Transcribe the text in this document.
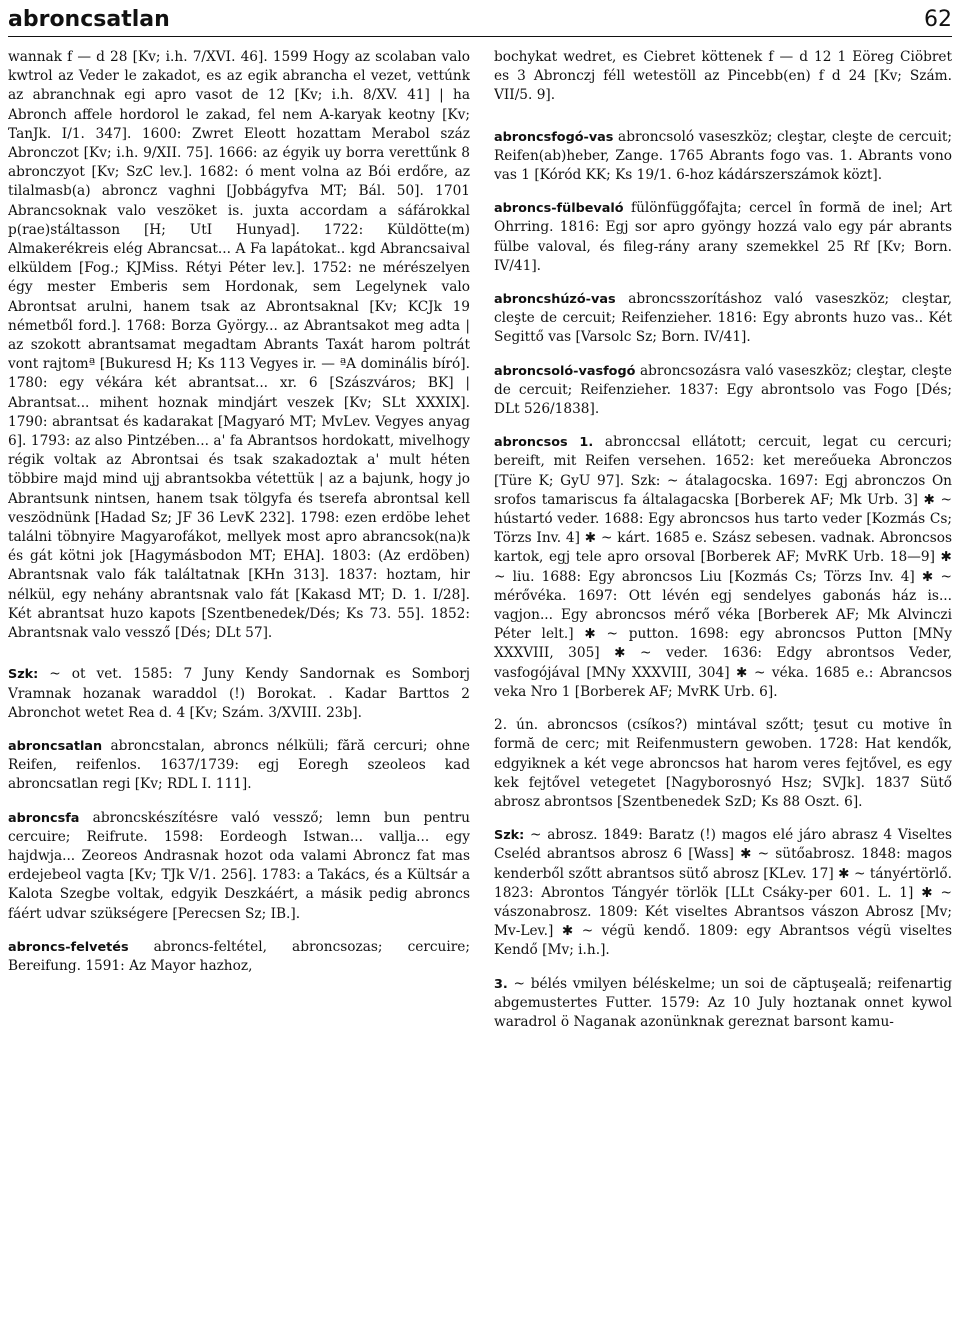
abroncsatlan	62

wannak f — d 28 [Kv; i.h. 7/XVI. 46]. 1599 Hogy az scolaban valo kwtrol az Veder le zakadot, es az egik abrancha el vezet, vettúnk az abranchnak egi apro vasot de 12 [Kv; i.h. 8/XV. 41] | ha Abronch affele hordorol le zakad, fel nem A-karyak keotny [Kv; TanJk. I/1. 347]. 1600: Zwret Eleott hozattam Merabol száz Abronczot [Kv; i.h. 9/XII. 75]. 1666: az égyik uy borra verettűnk 8 abronczyot [Kv; SzC lev.]. 1682: ó ment volna az Bói erdőre, az tilalmasb(a) abroncz vaghni [Jobbágyfva MT; Bál. 50]. 1701 Abrancsoknak valo veszöket is. juxta accordam a sáfárokkal p(rae)stáltasson [H; UtI Hunyad]. 1722: Küldötte(m) Almakerékreis elég Abrancsat... A Fa lapátokat.. kgd Abrancsaival elküldem [Fog.; KJMiss. Rétyi Péter lev.]. 1752: ne mérészelyen égy mester Emberis sem Hordonak, sem Legelynek valo Abrontsat arulni, hanem tsak az Abrontsaknal [Kv; KCJk 19 németből ford.]. 1768: Borza György... az Abrantsakot meg adta | az szokott abrantsamat megadtam Abrants Taxát harom poltrát vont rajtomª [Bukuresd H; Ks 113 Vegyes ir. — ªA dominális bíró]. 1780: egy vékára két abrantsat... xr. 6 [Szászváros; BK] | Abrantsat... mihent hoznak mindjárt veszek [Kv; SLt XXXIX]. 1790: abrantsat és kadarakat [Magyaró MT; MvLev. Vegyes anyag 6]. 1793: az also Pintzében... a' fa Abrantsos hordokatt, mivelhogy régik voltak az Abrontsai és tsak szakadoztak a' mult héten többire majd mind ujj abrantsokba vétettük | az a bajunk, hogy jo Abrantsunk nintsen, hanem tsak tölgyfa és tserefa abrontsal kell veszödnünk [Hadad Sz; JF 36 LevK 232]. 1798: ezen erdöbe lehet találni töbnyire Magyarofákot, mellyek most apro abrancsok(na)k és gát kötni jok [Hagymásbodon MT; EHA]. 1803: (Az erdöben) Abrantsnak valo fák találtatnak [KHn 313]. 1837: hoztam, hir nélkül, egy nehány abrantsnak valo fát [Kakasd MT; D. 1. I/28]. Két abrantsat huzo kapots [Szentbenedek/Dés; Ks 73. 55]. 1852: Abrantsnak valo vessző [Dés; DLt 57].

Szk: ~ ot vet. 1585: 7 Juny Kendy Sandornak es Somborj Vramnak hozanak waraddol (!) Borokat. . Kadar Barttos 2 Abronchot wetet Rea d. 4 [Kv; Szám. 3/XVIII. 23b].

abroncsatlan abroncstalan, abroncs nélküli; fără cercuri; ohne Reifen, reifenlos. 1637/1739: egj Eoregh szeoleos kad abroncsatlan regi [Kv; RDL I. 111].

abroncsfa abroncskészítésre való vessző; lemn bun pentru cercuire; Reifrute. 1598: Eordeogh Istwan... vallja... egy hajdwja... Zeoreos Andrasnak hozot oda valami Abroncz fat mas erdejebeol vagta [Kv; TJk V/1. 256]. 1783: a Takács, és a Kültsár a Kalota Szegbe voltak, edgyik Deszkáért, a másik pedig abroncs fáért udvar szükségere [Perecsen Sz; IB.].

abroncs-felvetés abroncs-feltétel, abroncsozas; cercuire; Bereifung. 1591: Az Mayor hazhoz,

bochykat wedret, es Ciebret köttenek f — d 12 1 Eöreg Ciöbret es 3 Abronczj féll wetestöll az Pincebb(en) f d 24 [Kv; Szám. VII/5. 9].

abroncsfogó-vas abroncsoló vaseszköz; cleştar, cleşte de cercuit; Reifen(ab)heber, Zange. 1765 Abrants fogo vas. 1. Abrants vono vas 1 [Kóród KK; Ks 19/1. 6-hoz kádárszerszámok közt].

abroncs-fülbevaló fülönfüggőfajta; cercel în formă de inel; Art Ohrring. 1816: Egj sor apro gyöngy hozzá valo egy pár abrants fülbe valoval, és fileg-rány arany szemekkel 25 Rf [Kv; Born. IV/41].

abroncshúzó-vas abroncsszorításhoz való vaseszköz; cleştar, cleşte de cercuit; Reifenzieher. 1816: Egy abronts huzo vas.. Két Segittő vas [Varsolc Sz; Born. IV/41].

abroncsoló-vasfogó abroncsozásra való vaseszköz; cleştar, cleşte de cercuit; Reifenzieher. 1837: Egy abrontsolo vas Fogo [Dés; DLt 526/1838].

abroncsos 1. abronccsal ellátott; cercuit, legat cu cercuri; bereift, mit Reifen versehen. 1652: ket mereőueka Abronczos [Türe K; GyU 97]. Szk: ~ átalagocska. 1697: Egj abronczos On srofos tamariscus fa általagacska [Borberek AF; Mk Urb. 3] ✱ ~ hústartó veder. 1688: Egy abroncsos hus tarto veder [Kozmás Cs; Törzs Inv. 4] ✱ ~ kárt. 1685 e. Szász sebesen. vadnak. Abroncsos kartok, egj tele apro orsoval [Borberek AF; MvRK Urb. 18—9] ✱ ~ liu. 1688: Egy abroncsos Liu [Kozmás Cs; Törzs Inv. 4] ✱ ~ mérővéka. 1697: Ott lévén egj sendelyes gabonás ház is... vagjon... Egy abroncsos mérő véka [Borberek AF; Mk Alvinczi Péter lelt.] ✱ ~ putton. 1698: egy abroncsos Putton [MNy XXXVIII, 305] ✱ ~ veder. 1636: Edgy abrontsos Veder, vasfogójával [MNy XXXVIII, 304] ✱ ~ véka. 1685 e.: Abrancsos veka Nro 1 [Borberek AF; MvRK Urb. 6].

2. ún. abroncsos (csíkos?) mintával szőtt; ţesut cu motive în formă de cerc; mit Reifenmustern gewoben. 1728: Hat kendők, edgyiknek a két vege abroncsos hat harom veres fejtővel, es egy kek fejtővel vetegetet [Nagyborosnyó Hsz; SVJk]. 1837 Sütő abrosz abrontsos [Szentbenedek SzD; Ks 88 Oszt. 6].

Szk: ~ abrosz. 1849: Baratz (!) magos elé járo abrasz 4 Viseltes Cseléd abrantsos abrosz 6 [Wass] ✱ ~ sütőabrosz. 1848: magos kenderből szőtt abrantsos sütő abrosz [KLev. 17] ✱ ~ tányértörlő. 1823: Abrontos Tángyér törlök [LLt Csáky-per 601. L. 1] ✱ ~ vászonabrosz. 1809: Két viseltes Abrantsos vászon Abrosz [Mv; Mv-Lev.] ✱ ~ végü kendő. 1809: egy Abrantsos végü viseltes Kendő [Mv; i.h.].

3. ~ bélés vmilyen béléskelme; un soi de căptuşeală; reifenartig abgemustertes Futter. 1579: Az 10 July hoztanak onnet kywol waradrol ö Naganak azonünknak gereznat barsont kamu-
